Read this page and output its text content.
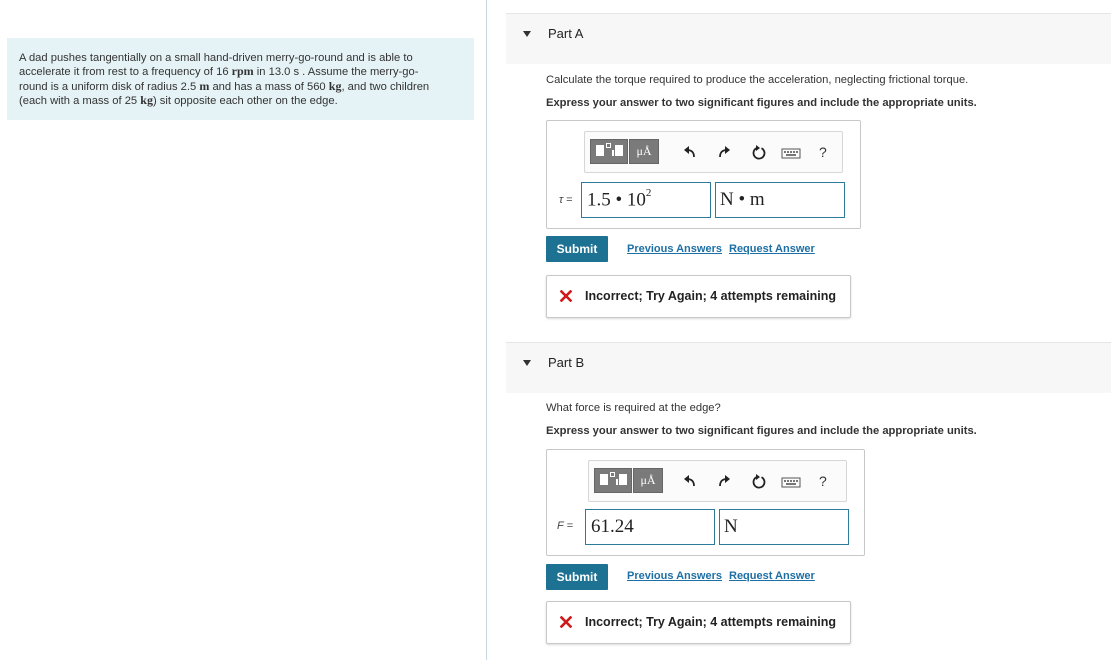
A dad pushes tangentially on a small hand-driven merry-go-round and is able to
accelerate it from rest to a frequency of 16 rpm in 13.0 s . Assume the merry-go-
round is a uniform disk of radius 2.5 m and has a mass of 560 kg, and two children
(each with a mass of 25 kg) sit opposite each other on the edge.
Part A
Calculate the torque required to produce the acceleration, neglecting frictional torque.
Express your answer to two significant figures and include the appropriate units.
μÅ	?
τ = 1.5 • $10^2$	N • m
Submit	Previous Answers Request Answer
Incorrect; Try Again; 4 attempts remaining
Part B
What force is required at the edge?
Express your answer to two significant figures and include the appropriate units.
μÅ	?
F = 61.24	N
Submit	Previous Answers Request Answer
Incorrect; Try Again; 4 attempts remaining
